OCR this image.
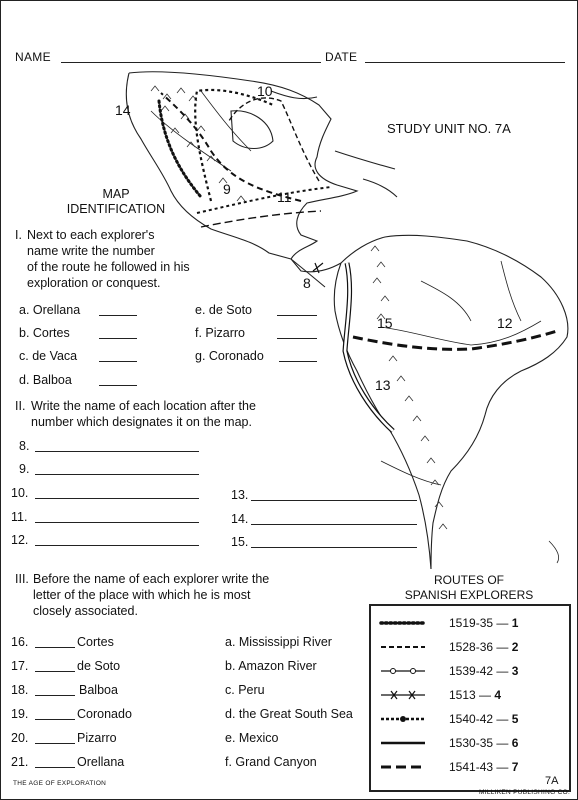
NAME	DATE
STUDY UNIT NO. 7A
14
10
9	11
8
15	12
13
MAP
IDENTIFICATION
I. Next to each explorer's
name write the number
of the route he followed in his
exploration or conquest.
a. Orellana
b. Cortes
c. de Vaca
d. Balboa
e. de Soto
f. Pizarro
g. Coronado
II. Write the name of each location after the
number which designates it on the map.
8.
9.
10.
11.
12.
13.
14.
15.
III. Before the name of each explorer write the
letter of the place with which he is most
closely associated.
16.	Cortes
17.	de Soto
18.	Balboa
19.	Coronado
20.	Pizarro
21.	Orellana
a. Mississippi River
b. Amazon River
c. Peru
d. the Great South Sea
e. Mexico
f. Grand Canyon
ROUTES OF
SPANISH EXPLORERS
1519-35 — 1
1528-36 — 2
1539-42 — 3
1513 — 4
1540-42 — 5
1530-35 — 6
1541-43 — 7
7A
THE AGE OF EXPLORATION
MILLIKEN PUBLISHING CO.
